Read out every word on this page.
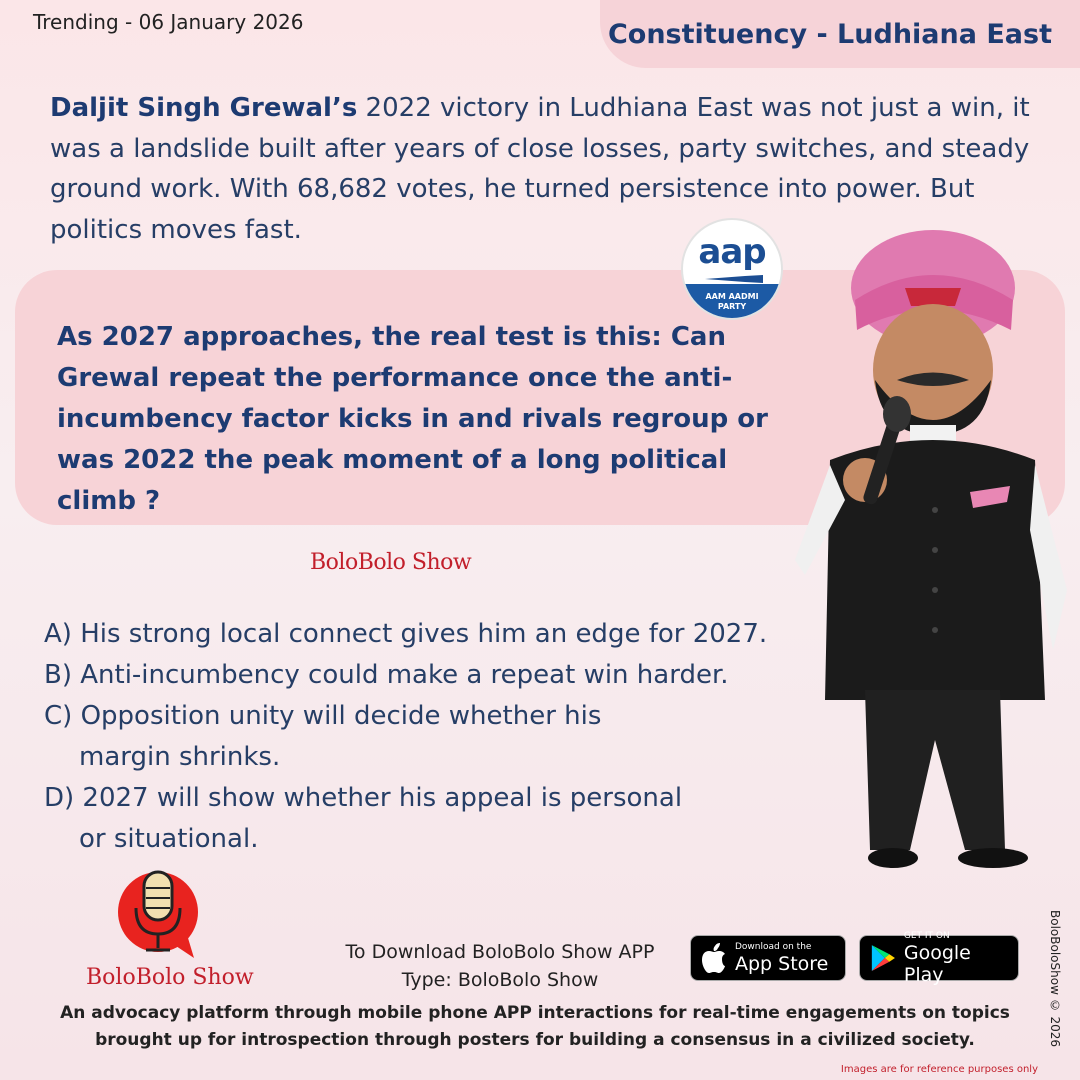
Trending - 06 January 2026	Constituency - Ludhiana East
Daljit Singh Grewal’s 2022 victory in Ludhiana East was not just a win, it was a landslide built after years of close losses, party switches, and steady ground work. With 68,682 votes, he turned persistence into power. But politics moves fast.
As 2027 approaches, the real test is this: Can Grewal repeat the performance once the anti-incumbency factor kicks in and rivals regroup or was 2022 the peak moment of a long political climb ?
aap
AAM AADMI
PARTY
BoloBolo Show
A) His strong local connect gives him an edge for 2027.
B) Anti-incumbency could make a repeat win harder.
C) Opposition unity will decide whether his
margin shrinks.
D) 2027 will show whether his appeal is personal
or situational.
BoloBolo Show
To Download BoloBolo Show APP
Type: BoloBolo Show
Download on the
App Store
GET IT ON
Google Play
An advocacy platform through mobile phone APP interactions for real-time engagements on topics brought up for introspection through posters for building a consensus in a civilized society.	BoloBoloShow © 2026
Images are for reference purposes only
